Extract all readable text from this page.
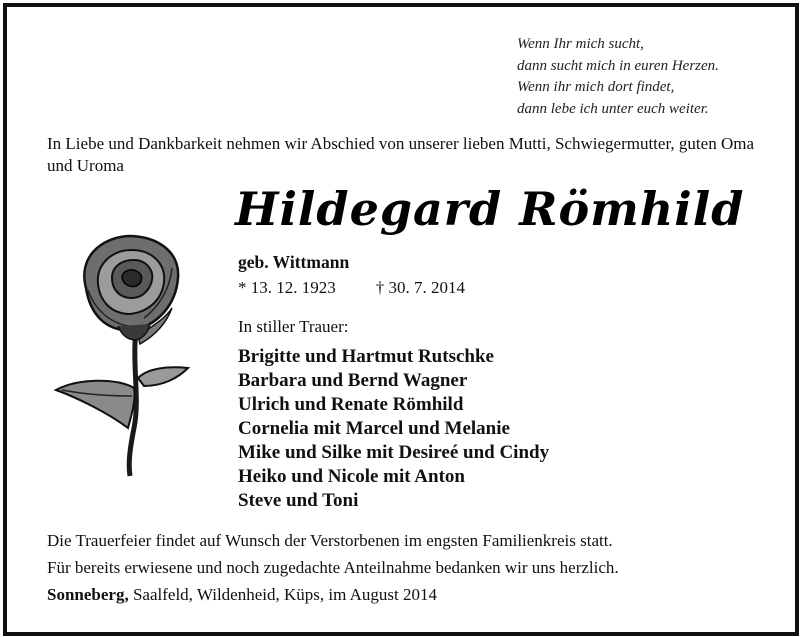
Wenn Ihr mich sucht,
dann sucht mich in euren Herzen.
Wenn ihr mich dort findet,
dann lebe ich unter euch weiter.
In Liebe und Dankbarkeit nehmen wir Abschied von unserer lieben Mutti, Schwiegermutter, guten Oma und Uroma
Hildegard Römhild
geb. Wittmann
* 13. 12. 1923 † 30. 7. 2014
In stiller Trauer:
Brigitte und Hartmut Rutschke
Barbara und Bernd Wagner
Ulrich und Renate Römhild
Cornelia mit Marcel und Melanie
Mike und Silke mit Desireé und Cindy
Heiko und Nicole mit Anton
Steve und Toni
Die Trauerfeier findet auf Wunsch der Verstorbenen im engsten Familienkreis statt.
Für bereits erwiesene und noch zugedachte Anteilnahme bedanken wir uns herzlich.
Sonneberg, Saalfeld, Wildenheid, Küps, im August 2014
